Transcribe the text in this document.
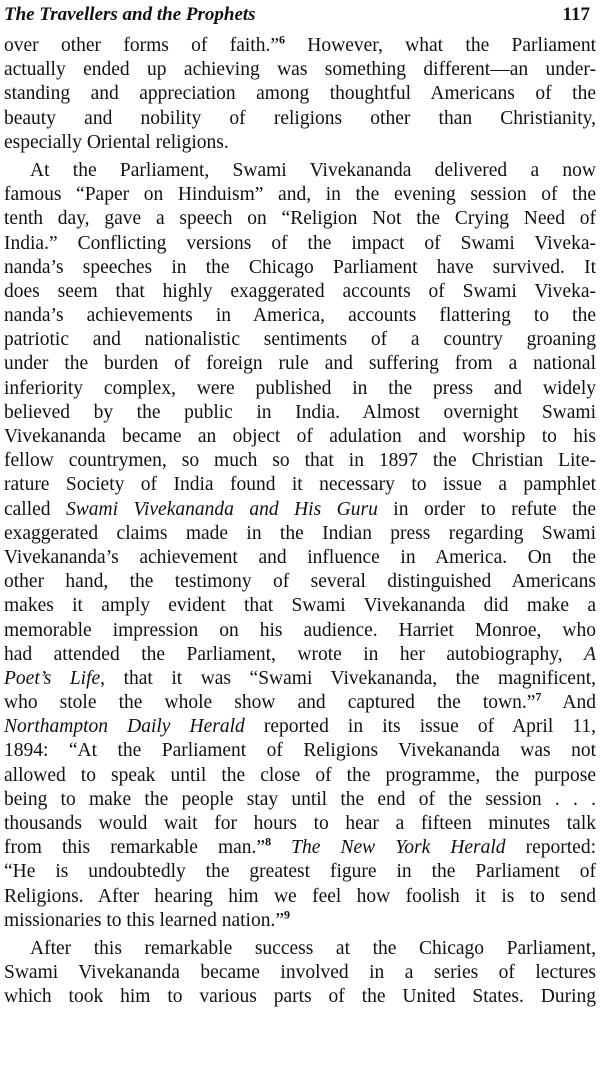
The Travellers and the Prophets	117
over other forms of faith.”$^6$ However, what the Parliament
actually ended up achieving was something different—an under-
standing and appreciation among thoughtful Americans of the
beauty and nobility of religions other than Christianity,
especially Oriental religions.
At the Parliament, Swami Vivekananda delivered a now
famous “Paper on Hinduism” and, in the evening session of the
tenth day, gave a speech on “Religion Not the Crying Need of
India.” Conflicting versions of the impact of Swami Viveka-
nanda’s speeches in the Chicago Parliament have survived. It
does seem that highly exaggerated accounts of Swami Viveka-
nanda’s achievements in America, accounts flattering to the
patriotic and nationalistic sentiments of a country groaning
under the burden of foreign rule and suffering from a national
inferiority complex, were published in the press and widely
believed by the public in India. Almost overnight Swami
Vivekananda became an object of adulation and worship to his
fellow countrymen, so much so that in 1897 the Christian Lite-
rature Society of India found it necessary to issue a pamphlet
called Swami Vivekananda and His Guru in order to refute the
exaggerated claims made in the Indian press regarding Swami
Vivekananda’s achievement and influence in America. On the
other hand, the testimony of several distinguished Americans
makes it amply evident that Swami Vivekananda did make a
memorable impression on his audience. Harriet Monroe, who
had attended the Parliament, wrote in her autobiography, A
Poet’s Life, that it was “Swami Vivekananda, the magnificent,
who stole the whole show and captured the town.”$^7$ And
Northampton Daily Herald reported in its issue of April 11,
1894: “At the Parliament of Religions Vivekananda was not
allowed to speak until the close of the programme, the purpose
being to make the people stay until the end of the session . . .
thousands would wait for hours to hear a fifteen minutes talk
from this remarkable man.”$^8$ The New York Herald reported:
“He is undoubtedly the greatest figure in the Parliament of
Religions. After hearing him we feel how foolish it is to send
missionaries to this learned nation.”$^9$
After this remarkable success at the Chicago Parliament,
Swami Vivekananda became involved in a series of lectures
which took him to various parts of the United States. During
